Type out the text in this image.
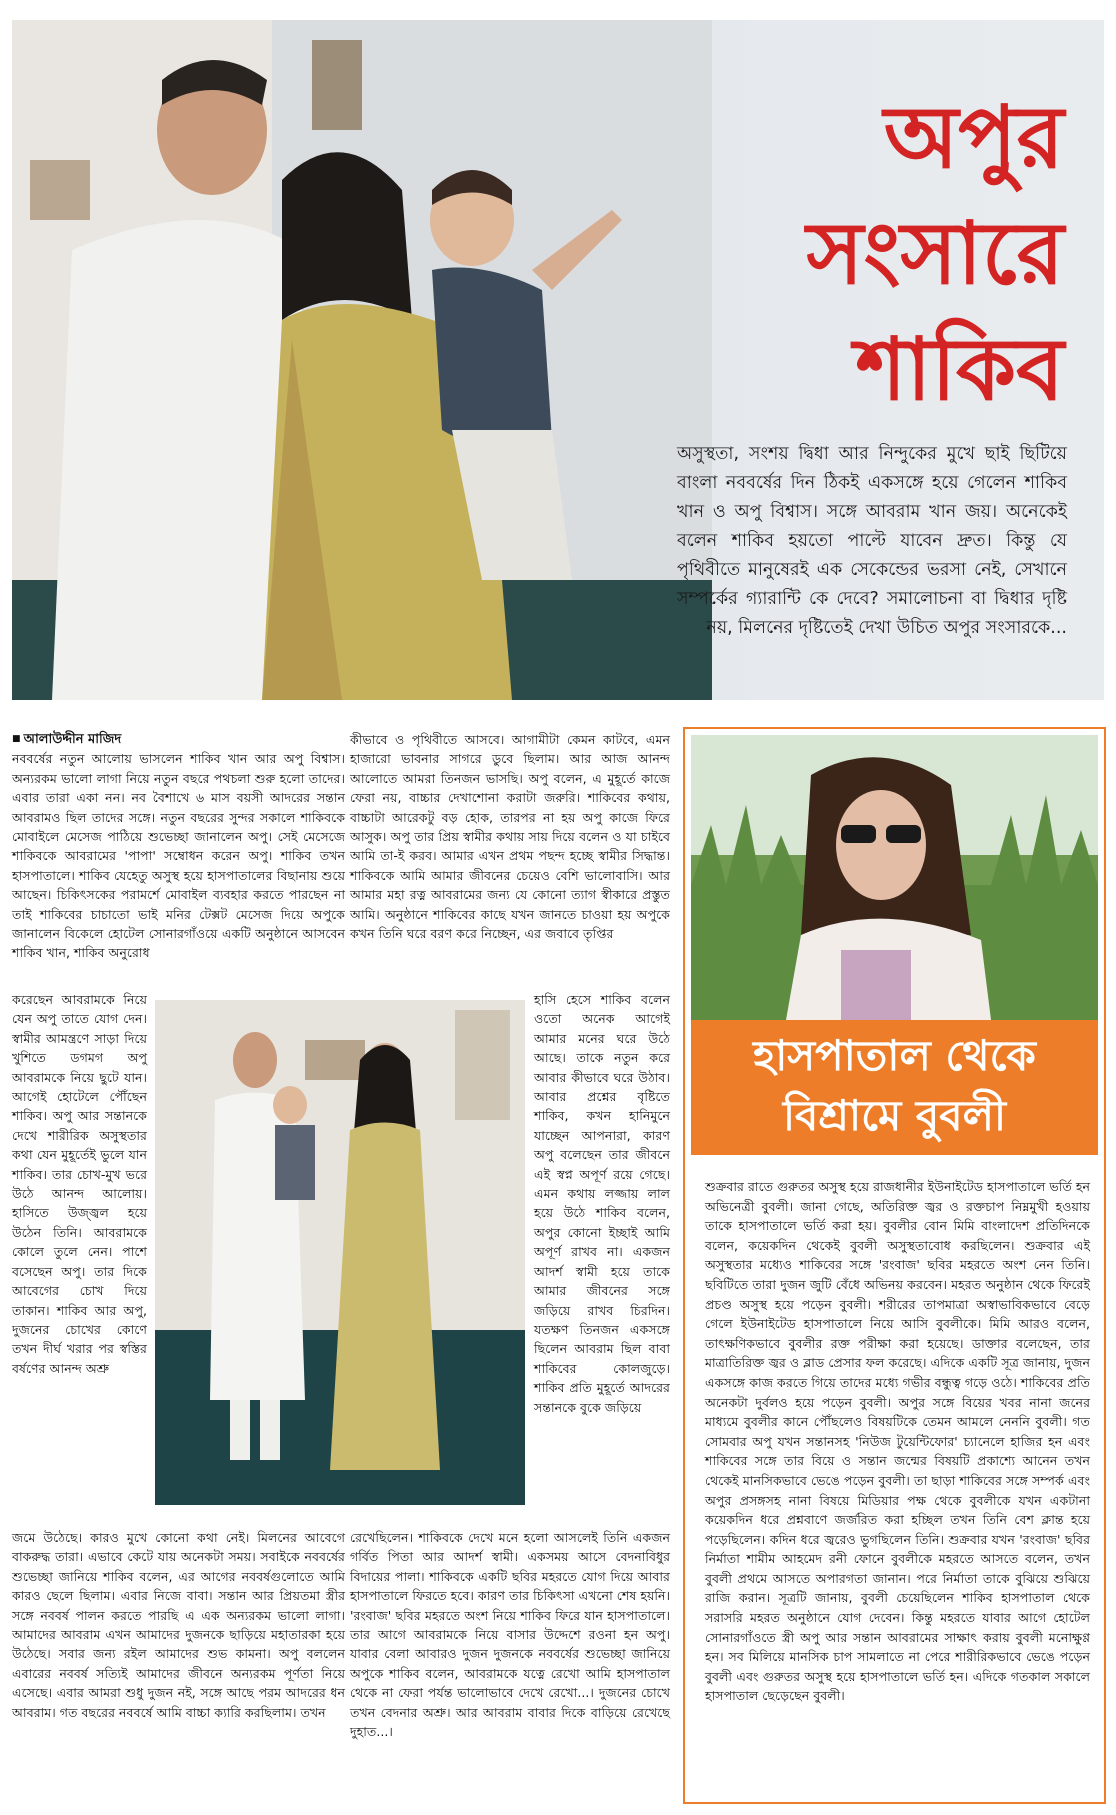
অপুর
সংসারে
শাকিব

অসুস্থতা, সংশয় দ্বিধা আর নিন্দুকের মুখে ছাই ছিটিয়ে বাংলা নববর্ষের দিন ঠিকই একসঙ্গে হয়ে গেলেন শাকিব খান ও অপু বিশ্বাস। সঙ্গে আবরাম খান জয়। অনেকেই বলেন শাকিব হয়তো পাল্টে যাবেন দ্রুত। কিন্তু যে পৃথিবীতে মানুষেরই এক সেকেন্ডের ভরসা নেই, সেখানে সম্পর্কের গ্যারান্টি কে দেবে? সমালোচনা বা দ্বিধার দৃষ্টি নয়, মিলনের দৃষ্টিতেই দেখা উচিত অপুর সংসারকে...

■ আলাউদ্দীন মাজিদ

নববর্ষের নতুন আলোয় ভাসলেন শাকিব খান আর অপু বিশ্বাস। অন্যরকম ভালো লাগা নিয়ে নতুন বছরে পথচলা শুরু হলো তাদের। এবার তারা একা নন। নব বৈশাখে ৬ মাস বয়সী আদরের সন্তান আবরামও ছিল তাদের সঙ্গে। নতুন বছরের সুন্দর সকালে শাকিবকে মোবাইলে মেসেজ পাঠিয়ে শুভেচ্ছা জানালেন অপু। সেই মেসেজে শাকিবকে আবরামের 'পাপা' সম্বোধন করেন অপু। শাকিব তখন হাসপাতালে। শাকিব যেহেতু অসুস্থ হয়ে হাসপাতালের বিছানায় শুয়ে আছেন। চিকিৎসকের পরামর্শে মোবাইল ব্যবহার করতে পারছেন না তাই শাকিবের চাচাতো ভাই মনির টেক্সট মেসেজ দিয়ে অপুকে জানালেন বিকেলে হোটেল সোনারগাঁওয়ে একটি অনুষ্ঠানে আসবেন শাকিব খান, শাকিব অনুরোধ

করেছেন আবরামকে নিয়ে যেন অপু তাতে যোগ দেন। স্বামীর আমন্ত্রণে সাড়া দিয়ে খুশিতে ডগমগ অপু আবরামকে নিয়ে ছুটে যান। আগেই হোটেলে পৌঁছেন শাকিব। অপু আর সন্তানকে দেখে শারীরিক অসুস্থতার কথা যেন মুহূর্তেই ভুলে যান শাকিব। তার চোখ-মুখ ভরে উঠে আনন্দ আলোয়। হাসিতে উজ্জ্বল হয়ে উঠেন তিনি। আবরামকে কোলে তুলে নেন। পাশে বসেছেন অপু। তার দিকে আবেগের চোখ দিয়ে তাকান। শাকিব আর অপু, দুজনের চোখের কোণে তখন দীর্ঘ খরার পর স্বস্তির বর্ষণের আনন্দ অশ্রু

জমে উঠেছে। কারও মুখে কোনো কথা নেই। মিলনের আবেগে বাকরুদ্ধ তারা। এভাবে কেটে যায় অনেকটা সময়। সবাইকে নববর্ষের শুভেচ্ছা জানিয়ে শাকিব বলেন, এর আগের নববর্ষগুলোতে আমি কারও ছেলে ছিলাম। এবার নিজে বাবা। সন্তান আর প্রিয়তমা স্ত্রীর সঙ্গে নববর্ষ পালন করতে পারছি এ এক অন্যরকম ভালো লাগা। আমাদের আবরাম এখন আমাদের দুজনকে ছাড়িয়ে মহাতারকা হয়ে উঠেছে। সবার জন্য রইল আমাদের শুভ কামনা। অপু বললেন এবারের নববর্ষ সত্যিই আমাদের জীবনে অন্যরকম পূর্ণতা নিয়ে এসেছে। এবার আমরা শুধু দুজন নই, সঙ্গে আছে পরম আদরের ধন আবরাম। গত বছরের নববর্ষে আমি বাচ্চা ক্যারি করছিলাম। তখন

কীভাবে ও পৃথিবীতে আসবে। আগামীটা কেমন কাটবে, এমন হাজারো ভাবনার সাগরে ডুবে ছিলাম। আর আজ আনন্দ আলোতে আমরা তিনজন ভাসছি। অপু বলেন, এ মুহূর্তে কাজে ফেরা নয়, বাচ্চার দেখাশোনা করাটা জরুরি। শাকিবের কথায়, বাচ্চাটা আরেকটু বড় হোক, তারপর না হয় অপু কাজে ফিরে আসুক। অপু তার প্রিয় স্বামীর কথায় সায় দিয়ে বলেন ও যা চাইবে আমি তা-ই করব। আমার এখন প্রথম পছন্দ হচ্ছে স্বামীর সিদ্ধান্ত। শাকিবকে আমি আমার জীবনের চেয়েও বেশি ভালোবাসি। আর আমার মহা রত্ন আবরামের জন্য যে কোনো ত্যাগ স্বীকারে প্রস্তুত আমি। অনুষ্ঠানে শাকিবের কাছে যখন জানতে চাওয়া হয় অপুকে কখন তিনি ঘরে বরণ করে নিচ্ছেন, এর জবাবে তৃপ্তির

হাসি হেসে শাকিব বলেন ওতো অনেক আগেই আমার মনের ঘরে উঠে আছে। তাকে নতুন করে আবার কীভাবে ঘরে উঠাব। আবার প্রশ্নের বৃষ্টিতে শাকিব, কখন হানিমুনে যাচ্ছেন আপনারা, কারণ অপু বলেছেন তার জীবনে এই স্বপ্ন অপূর্ণ রয়ে গেছে। এমন কথায় লজ্জায় লাল হয়ে উঠে শাকিব বলেন, অপুর কোনো ইচ্ছাই আমি অপূর্ণ রাখব না। একজন আদর্শ স্বামী হয়ে তাকে আমার জীবনের সঙ্গে জড়িয়ে রাখব চিরদিন। যতক্ষণ তিনজন একসঙ্গে ছিলেন আবরাম ছিল বাবা শাকিবের কোলজুড়ে। শাকিব প্রতি মুহূর্তে আদরের সন্তানকে বুকে জড়িয়ে

রেখেছিলেন। শাকিবকে দেখে মনে হলো আসলেই তিনি একজন গর্বিত পিতা আর আদর্শ স্বামী। একসময় আসে বেদনাবিধুর বিদায়ের পালা। শাকিবকে একটি ছবির মহরতে যোগ দিয়ে আবার হাসপাতালে ফিরতে হবে। কারণ তার চিকিৎসা এখনো শেষ হয়নি। 'রংবাজ' ছবির মহরতে অংশ নিয়ে শাকিব ফিরে যান হাসপাতালে। তার আগে আবরামকে নিয়ে বাসার উদ্দেশে রওনা হন অপু। যাবার বেলা আবারও দুজন দুজনকে নববর্ষের শুভেচ্ছা জানিয়ে অপুকে শাকিব বলেন, আবরামকে যত্নে রেখো আমি হাসপাতাল থেকে না ফেরা পর্যন্ত ভালোভাবে দেখে রেখো...। দুজনের চোখে তখন বেদনার অশ্রু। আর আবরাম বাবার দিকে বাড়িয়ে রেখেছে দুহাত...।

হাসপাতাল থেকে
বিশ্রামে বুবলী

শুক্রবার রাতে গুরুতর অসুস্থ হয়ে রাজধানীর ইউনাইটেড হাসপাতালে ভর্তি হন অভিনেত্রী বুবলী। জানা গেছে, অতিরিক্ত জ্বর ও রক্তচাপ নিম্নমুখী হওয়ায় তাকে হাসপাতালে ভর্তি করা হয়। বুবলীর বোন মিমি বাংলাদেশ প্রতিদিনকে বলেন, কয়েকদিন থেকেই বুবলী অসুস্থতাবোধ করছিলেন। শুক্রবার এই অসুস্থতার মধ্যেও শাকিবের সঙ্গে 'রংবাজ' ছবির মহরতে অংশ নেন তিনি। ছবিটিতে তারা দুজন জুটি বেঁধে অভিনয় করবেন। মহরত অনুষ্ঠান থেকে ফিরেই প্রচণ্ড অসুস্থ হয়ে পড়েন বুবলী। শরীরের তাপমাত্রা অস্বাভাবিকভাবে বেড়ে গেলে ইউনাইটেড হাসপাতালে নিয়ে আসি বুবলীকে। মিমি আরও বলেন, তাৎক্ষণিকভাবে বুবলীর রক্ত পরীক্ষা করা হয়েছে। ডাক্তার বলেছেন, তার মাত্রাতিরিক্ত জ্বর ও ব্লাড প্রেসার ফল করেছে। এদিকে একটি সূত্র জানায়, দুজন একসঙ্গে কাজ করতে গিয়ে তাদের মধ্যে গভীর বন্ধুত্ব গড়ে ওঠে। শাকিবের প্রতি অনেকটা দুর্বলও হয়ে পড়েন বুবলী। অপুর সঙ্গে বিয়ের খবর নানা জনের মাধ্যমে বুবলীর কানে পৌঁছলেও বিষয়টিকে তেমন আমলে নেননি বুবলী। গত সোমবার অপু যখন সন্তানসহ 'নিউজ টুয়েন্টিফোর' চ্যানেলে হাজির হন এবং শাকিবের সঙ্গে তার বিয়ে ও সন্তান জন্মের বিষয়টি প্রকাশ্যে আনেন তখন থেকেই মানসিকভাবে ভেঙে পড়েন বুবলী। তা ছাড়া শাকিবের সঙ্গে সম্পর্ক এবং অপুর প্রসঙ্গসহ নানা বিষয়ে মিডিয়ার পক্ষ থেকে বুবলীকে যখন একটানা কয়েকদিন ধরে প্রশ্নবাণে জর্জরিত করা হচ্ছিল তখন তিনি বেশ ক্লান্ত হয়ে পড়েছিলেন। কদিন ধরে জ্বরেও ভুগছিলেন তিনি। শুক্রবার যখন 'রংবাজ' ছবির নির্মাতা শামীম আহমেদ রনী ফোনে বুবলীকে মহরতে আসতে বলেন, তখন বুবলী প্রথমে আসতে অপারগতা জানান। পরে নির্মাতা তাকে বুঝিয়ে শুঝিয়ে রাজি করান। সূত্রটি জানায়, বুবলী চেয়েছিলেন শাকিব হাসপাতাল থেকে সরাসরি মহরত অনুষ্ঠানে যোগ দেবেন। কিন্তু মহরতে যাবার আগে হোটেল সোনারগাঁওতে স্ত্রী অপু আর সন্তান আবরামের সাক্ষাৎ করায় বুবলী মনোক্ষুণ্ণ হন। সব মিলিয়ে মানসিক চাপ সামলাতে না পেরে শারীরিকভাবে ভেঙে পড়েন বুবলী এবং গুরুতর অসুস্থ হয়ে হাসপাতালে ভর্তি হন। এদিকে গতকাল সকালে হাসপাতাল ছেড়েছেন বুবলী।
